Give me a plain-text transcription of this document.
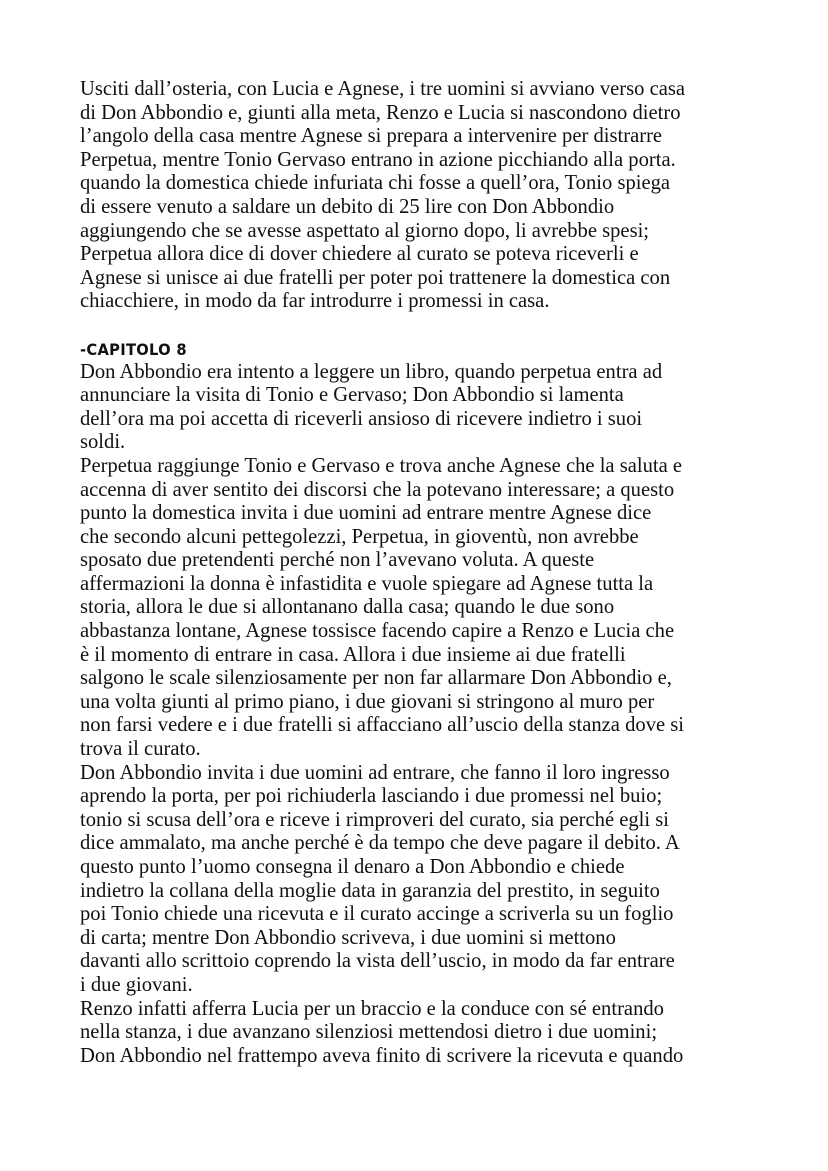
Usciti dall’osteria, con Lucia e Agnese, i tre uomini si avviano verso casa
di Don Abbondio e, giunti alla meta, Renzo e Lucia si nascondono dietro
l’angolo della casa mentre Agnese si prepara a intervenire per distrarre
Perpetua, mentre Tonio Gervaso entrano in azione picchiando alla porta.
quando la domestica chiede infuriata chi fosse a quell’ora, Tonio spiega
di essere venuto a saldare un debito di 25 lire con Don Abbondio
aggiungendo che se avesse aspettato al giorno dopo, li avrebbe spesi;
Perpetua allora dice di dover chiedere al curato se poteva riceverli e
Agnese si unisce ai due fratelli per poter poi trattenere la domestica con
chiacchiere, in modo da far introdurre i promessi in casa.
-CAPITOLO 8
Don Abbondio era intento a leggere un libro, quando perpetua entra ad
annunciare la visita di Tonio e Gervaso; Don Abbondio si lamenta
dell’ora ma poi accetta di riceverli ansioso di ricevere indietro i suoi
soldi.
Perpetua raggiunge Tonio e Gervaso e trova anche Agnese che la saluta e
accenna di aver sentito dei discorsi che la potevano interessare; a questo
punto la domestica invita i due uomini ad entrare mentre Agnese dice
che secondo alcuni pettegolezzi, Perpetua, in gioventù, non avrebbe
sposato due pretendenti perché non l’avevano voluta. A queste
affermazioni la donna è infastidita e vuole spiegare ad Agnese tutta la
storia, allora le due si allontanano dalla casa; quando le due sono
abbastanza lontane, Agnese tossisce facendo capire a Renzo e Lucia che
è il momento di entrare in casa. Allora i due insieme ai due fratelli
salgono le scale silenziosamente per non far allarmare Don Abbondio e,
una volta giunti al primo piano, i due giovani si stringono al muro per
non farsi vedere e i due fratelli si affacciano all’uscio della stanza dove si
trova il curato.
Don Abbondio invita i due uomini ad entrare, che fanno il loro ingresso
aprendo la porta, per poi richiuderla lasciando i due promessi nel buio;
tonio si scusa dell’ora e riceve i rimproveri del curato, sia perché egli si
dice ammalato, ma anche perché è da tempo che deve pagare il debito. A
questo punto l’uomo consegna il denaro a Don Abbondio e chiede
indietro la collana della moglie data in garanzia del prestito, in seguito
poi Tonio chiede una ricevuta e il curato accinge a scriverla su un foglio
di carta; mentre Don Abbondio scriveva, i due uomini si mettono
davanti allo scrittoio coprendo la vista dell’uscio, in modo da far entrare
i due giovani.
Renzo infatti afferra Lucia per un braccio e la conduce con sé entrando
nella stanza, i due avanzano silenziosi mettendosi dietro i due uomini;
Don Abbondio nel frattempo aveva finito di scrivere la ricevuta e quando
